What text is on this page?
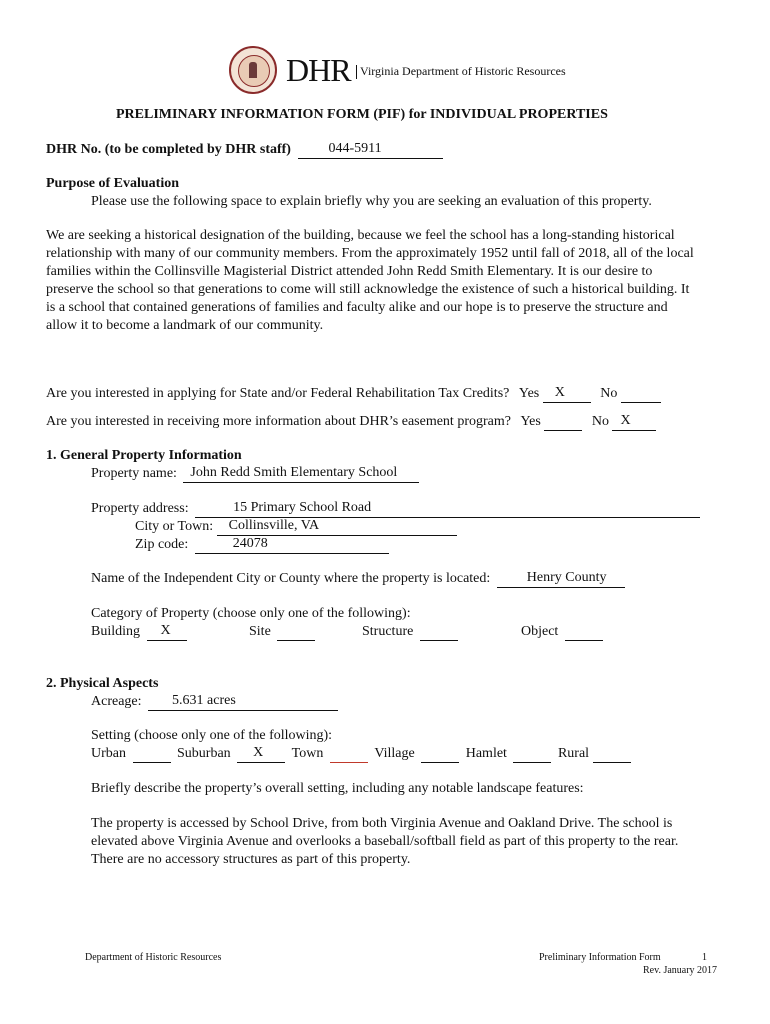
DHR Virginia Department of Historic Resources
PRELIMINARY INFORMATION FORM (PIF) for INDIVIDUAL PROPERTIES
DHR No. (to be completed by DHR staff)	044-5911
Purpose of Evaluation
Please use the following space to explain briefly why you are seeking an evaluation of this property.
We are seeking a historical designation of the building, because we feel the school has a long-standing historical
relationship with many of our community members. From the approximately 1952 until fall of 2018, all of the local
families within the Collinsville Magisterial District attended John Redd Smith Elementary. It is our desire to
preserve the school so that generations to come will still acknowledge the existence of such a historical building. It
is a school that contained generations of families and faculty alike and our hope is to preserve the structure and
allow it to become a landmark of our community.
Are you interested in applying for State and/or Federal Rehabilitation Tax Credits? Yes X	No
Are you interested in receiving more information about DHR’s easement program? Yes	No X
1. General Property Information
Property name: John Redd Smith Elementary School
Property address:	15 Primary School Road
City or Town: Collinsville, VA
Zip code:	24078
Name of the Independent City or County where the property is located:	Henry County
Category of Property (choose only one of the following):
Building X	Site	Structure	Object
2. Physical Aspects
Acreage: 5.631 acres
Setting (choose only one of the following):
Urban	Suburban X Town	Village	Hamlet	Rural
Briefly describe the property’s overall setting, including any notable landscape features:
The property is accessed by School Drive, from both Virginia Avenue and Oakland Drive. The school is
elevated above Virginia Avenue and overlooks a baseball/softball field as part of this property to the rear.
There are no accessory structures as part of this property.
Department of Historic Resources	Preliminary Information Form	1
Rev. January 2017
